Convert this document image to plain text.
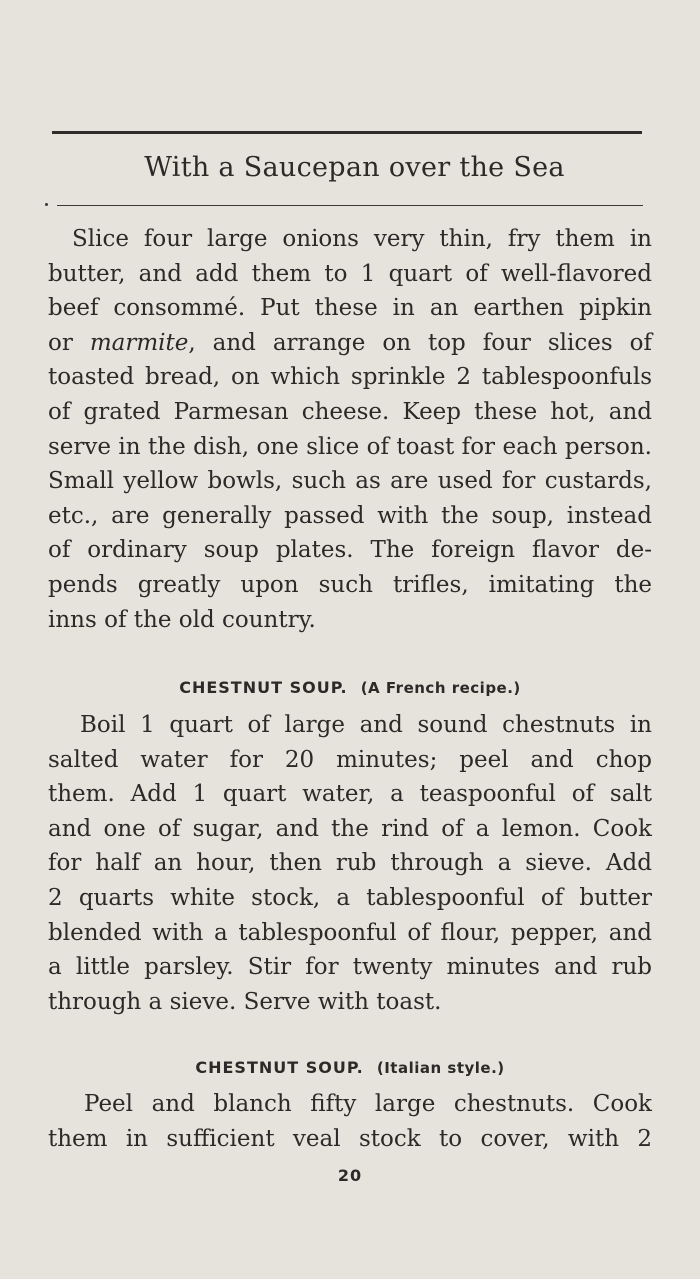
With a Saucepan over the Sea
Slice four large onions very thin, fry them in
butter, and add them to 1 quart of well-flavored
beef consommé. Put these in an earthen pipkin
or marmite, and arrange on top four slices of
toasted bread, on which sprinkle 2 tablespoonfuls
of grated Parmesan cheese. Keep these hot, and
serve in the dish, one slice of toast for each person.
Small yellow bowls, such as are used for custards,
etc., are generally passed with the soup, instead
of ordinary soup plates. The foreign flavor de-
pends greatly upon such trifles, imitating the
inns of the old country.
CHESTNUT SOUP. (A French recipe.)
Boil 1 quart of large and sound chestnuts in
salted water for 20 minutes; peel and chop
them. Add 1 quart water, a teaspoonful of salt
and one of sugar, and the rind of a lemon. Cook
for half an hour, then rub through a sieve. Add
2 quarts white stock, a tablespoonful of butter
blended with a tablespoonful of flour, pepper, and
a little parsley. Stir for twenty minutes and rub
through a sieve. Serve with toast.
CHESTNUT SOUP. (Italian style.)
Peel and blanch fifty large chestnuts. Cook
them in sufficient veal stock to cover, with 2
20
